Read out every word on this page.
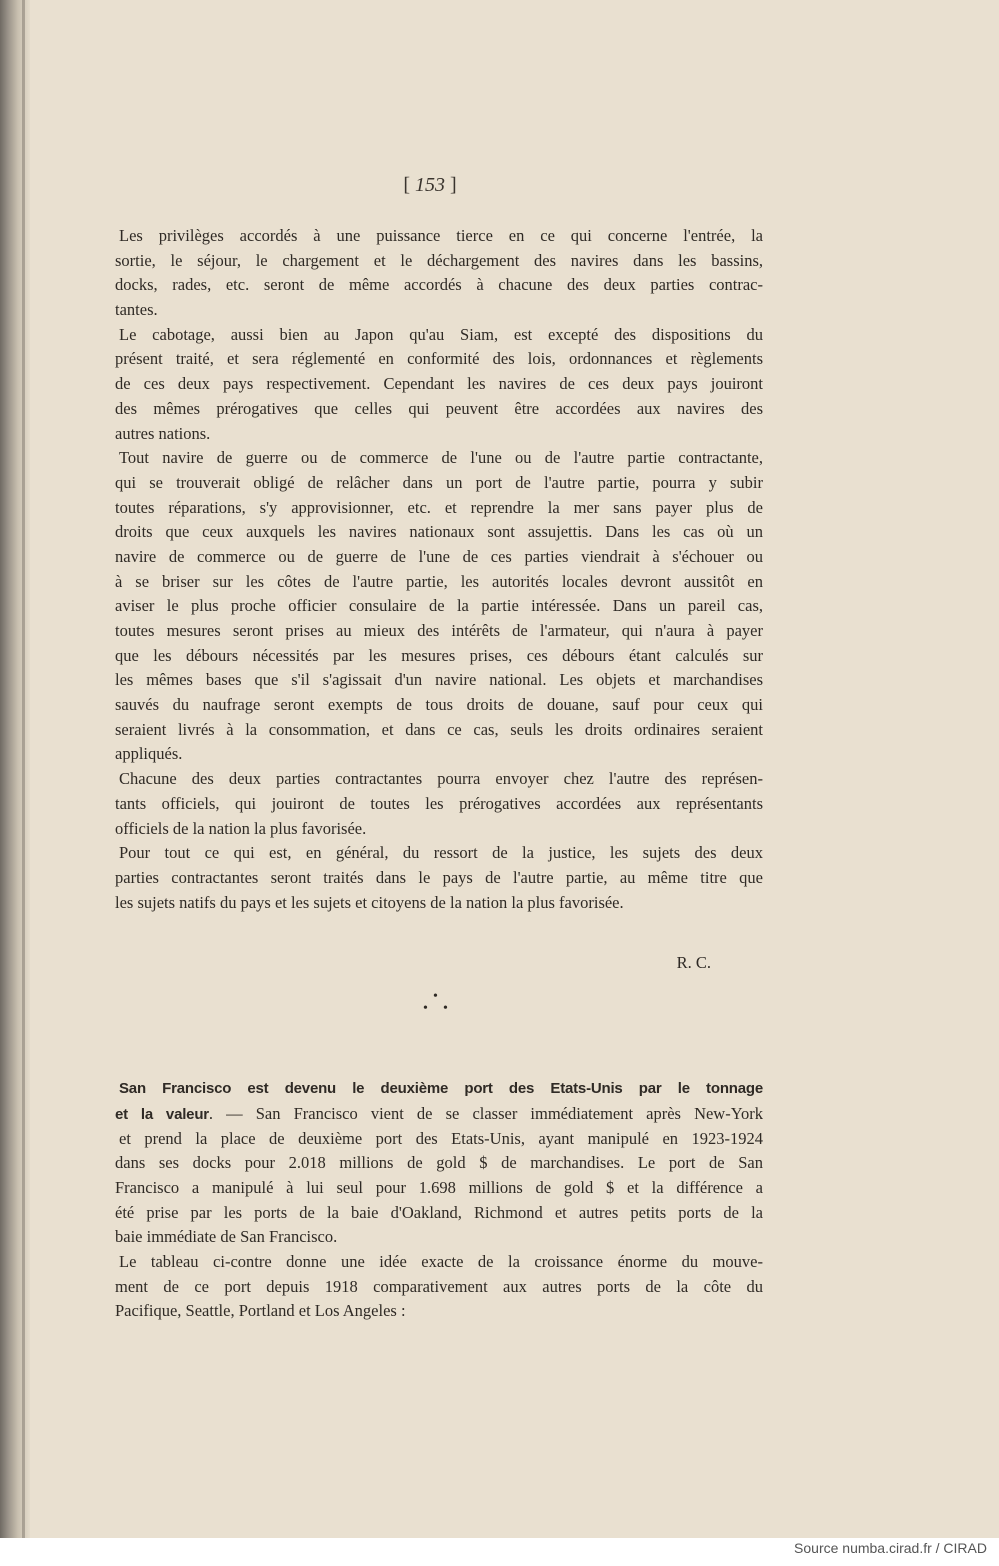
[ 153 ]
Les privilèges accordés à une puissance tierce en ce qui concerne l'entrée, la
sortie, le séjour, le chargement et le déchargement des navires dans les bassins,
docks, rades, etc. seront de même accordés à chacune des deux parties contrac-
tantes.
Le cabotage, aussi bien au Japon qu'au Siam, est excepté des dispositions du
présent traité, et sera réglementé en conformité des lois, ordonnances et règlements
de ces deux pays respectivement. Cependant les navires de ces deux pays jouiront
des mêmes prérogatives que celles qui peuvent être accordées aux navires des
autres nations.
Tout navire de guerre ou de commerce de l'une ou de l'autre partie contractante,
qui se trouverait obligé de relâcher dans un port de l'autre partie, pourra y subir
toutes réparations, s'y approvisionner, etc. et reprendre la mer sans payer plus de
droits que ceux auxquels les navires nationaux sont assujettis. Dans les cas où un
navire de commerce ou de guerre de l'une de ces parties viendrait à s'échouer ou
à se briser sur les côtes de l'autre partie, les autorités locales devront aussitôt en
aviser le plus proche officier consulaire de la partie intéressée. Dans un pareil cas,
toutes mesures seront prises au mieux des intérêts de l'armateur, qui n'aura à payer
que les débours nécessités par les mesures prises, ces débours étant calculés sur
les mêmes bases que s'il s'agissait d'un navire national. Les objets et marchandises
sauvés du naufrage seront exempts de tous droits de douane, sauf pour ceux qui
seraient livrés à la consommation, et dans ce cas, seuls les droits ordinaires seraient
appliqués.
Chacune des deux parties contractantes pourra envoyer chez l'autre des représen-
tants officiels, qui jouiront de toutes les prérogatives accordées aux représentants
officiels de la nation la plus favorisée.
Pour tout ce qui est, en général, du ressort de la justice, les sujets des deux
parties contractantes seront traités dans le pays de l'autre partie, au même titre que
les sujets natifs du pays et les sujets et citoyens de la nation la plus favorisée.
R. C.
•
• •
San Francisco est devenu le deuxième port des Etats-Unis par le tonnage
et la valeur. — San Francisco vient de se classer immédiatement après New-York
et prend la place de deuxième port des Etats-Unis, ayant manipulé en 1923-1924
dans ses docks pour 2.018 millions de gold $ de marchandises. Le port de San
Francisco a manipulé à lui seul pour 1.698 millions de gold $ et la différence a
été prise par les ports de la baie d'Oakland, Richmond et autres petits ports de la
baie immédiate de San Francisco.
Le tableau ci-contre donne une idée exacte de la croissance énorme du mouve-
ment de ce port depuis 1918 comparativement aux autres ports de la côte du
Pacifique, Seattle, Portland et Los Angeles :
Source numba.cirad.fr / CIRAD
